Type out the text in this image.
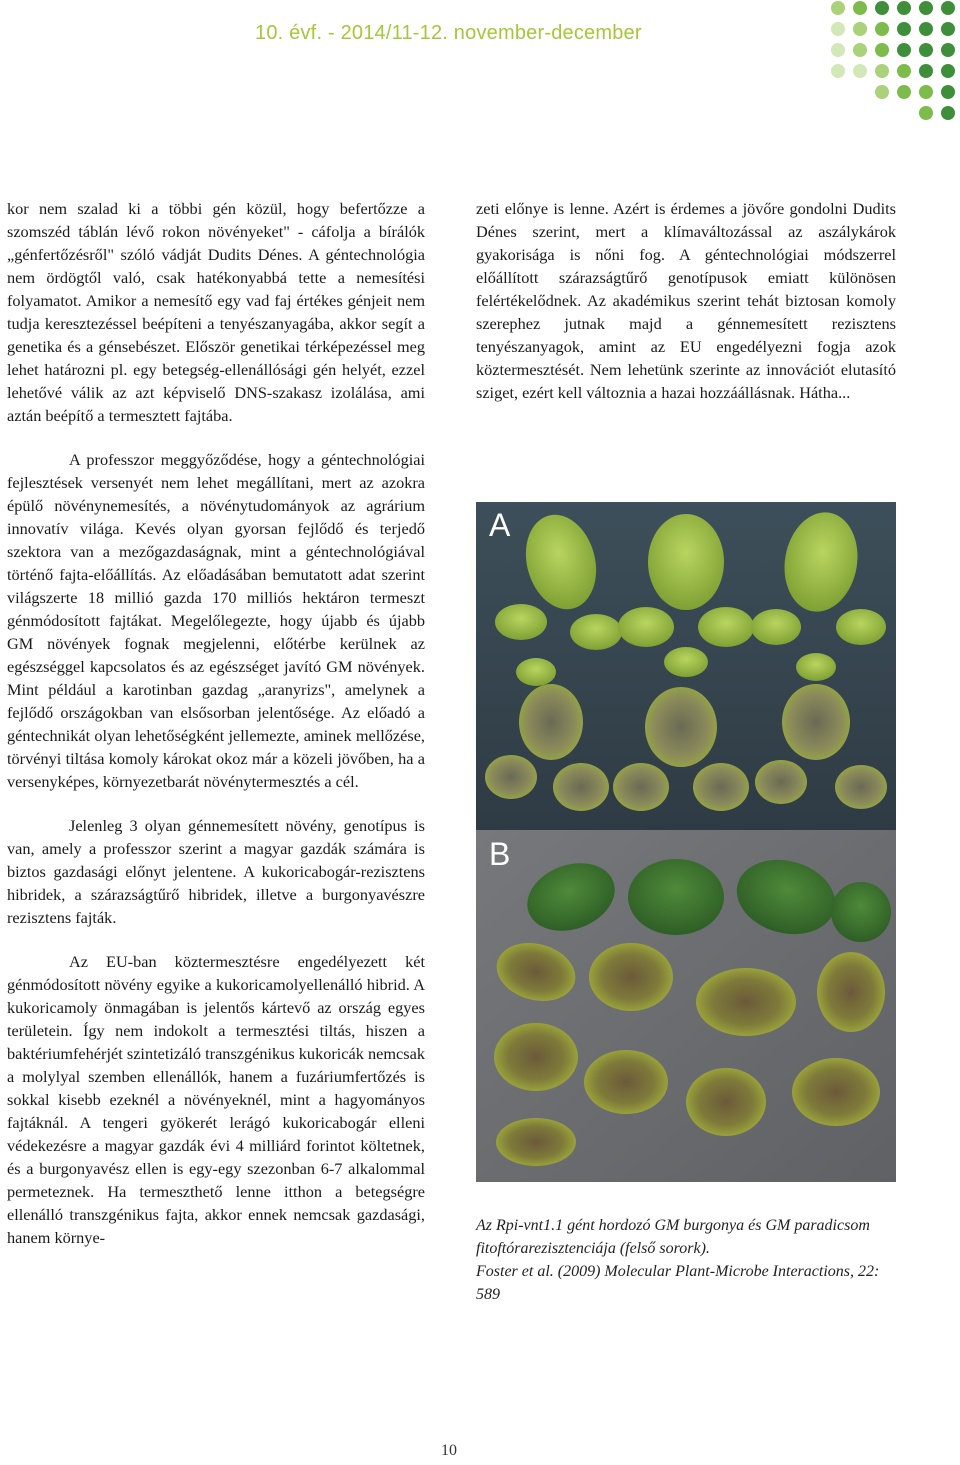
10. évf. - 2014/11-12. november-december

kor nem szalad ki a többi gén közül, hogy befertőzze a szomszéd táblán lévő rokon növényeket" - cáfolja a bírálók „génfertőzésről" szóló vádját Dudits Dénes. A géntechnológia nem ördögtől való, csak hatékonyabbá tette a nemesítési folyamatot. Amikor a nemesítő egy vad faj értékes génjeit nem tudja keresztezéssel beépíteni a tenyészanyagába, akkor segít a genetika és a génsebészet. Először genetikai térképezéssel meg lehet határozni pl. egy betegség-ellenállósági gén helyét, ezzel lehetővé válik az azt képviselő DNS-szakasz izolálása, ami aztán beépítő a termesztett fajtába.

A professzor meggyőződése, hogy a géntechnológiai fejlesztések versenyét nem lehet megállítani, mert az azokra épülő növénynemesítés, a növénytudományok az agrárium innovatív világa. Kevés olyan gyorsan fejlődő és terjedő szektora van a mezőgazdaságnak, mint a géntechnológiával történő fajta-előállítás. Az előadásában bemutatott adat szerint világszerte 18 millió gazda 170 milliós hektáron termeszt génmódosított fajtákat. Megelőlegezte, hogy újabb és újabb GM növények fognak megjelenni, előtérbe kerülnek az egészséggel kapcsolatos és az egészséget javító GM növények. Mint például a karotinban gazdag „aranyrizs", amelynek a fejlődő országokban van elsősorban jelentősége. Az előadó a géntechnikát olyan lehetőségként jellemezte, aminek mellőzése, törvényi tiltása komoly károkat okoz már a közeli jövőben, ha a versenyképes, környezetbarát növénytermesztés a cél.

Jelenleg 3 olyan génnemesített növény, genotípus is van, amely a professzor szerint a magyar gazdák számára is biztos gazdasági előnyt jelentene. A kukoricabogár-rezisztens hibridek, a szárazságtűrő hibridek, illetve a burgonyavészre rezisztens fajták.

Az EU-ban köztermesztésre engedélyezett két génmódosított növény egyike a kukoricamolyellenálló hibrid. A kukoricamoly önmagában is jelentős kártevő az ország egyes területein. Így nem indokolt a termesztési tiltás, hiszen a baktériumfehérjét szintetizáló transzgénikus kukoricák nemcsak a molylyal szemben ellenállók, hanem a fuzáriumfertőzés is sokkal kisebb ezeknél a növényeknél, mint a hagyományos fajtáknál. A tengeri gyökerét lerágó kukoricabogár elleni védekezésre a magyar gazdák évi 4 milliárd forintot költetnek, és a burgonyavész ellen is egy-egy szezonban 6-7 alkalommal permeteznek. Ha termeszthető lenne itthon a betegségre ellenálló transzgénikus fajta, akkor ennek nemcsak gazdasági, hanem környe-

zeti előnye is lenne. Azért is érdemes a jövőre gondolni Dudits Dénes szerint, mert a klímaváltozással az aszálykárok gyakorisága is nőni fog. A géntechnológiai módszerrel előállított szárazságtűrő genotípusok emiatt különösen felértékelődnek. Az akadémikus szerint tehát biztosan komoly szerephez jutnak majd a génnemesített rezisztens tenyészanyagok, amint az EU engedélyezni fogja azok köztermesztését. Nem lehetünk szerinte az innovációt elutasító sziget, ezért kell változnia a hazai hozzáállásnak. Hátha...

A
B
Az Rpi-vnt1.1 gént hordozó GM burgonya és GM paradicsom fitoftórarezisztenciája (felső sorork).
Foster et al. (2009) Molecular Plant-Microbe Interactions, 22: 589
10
